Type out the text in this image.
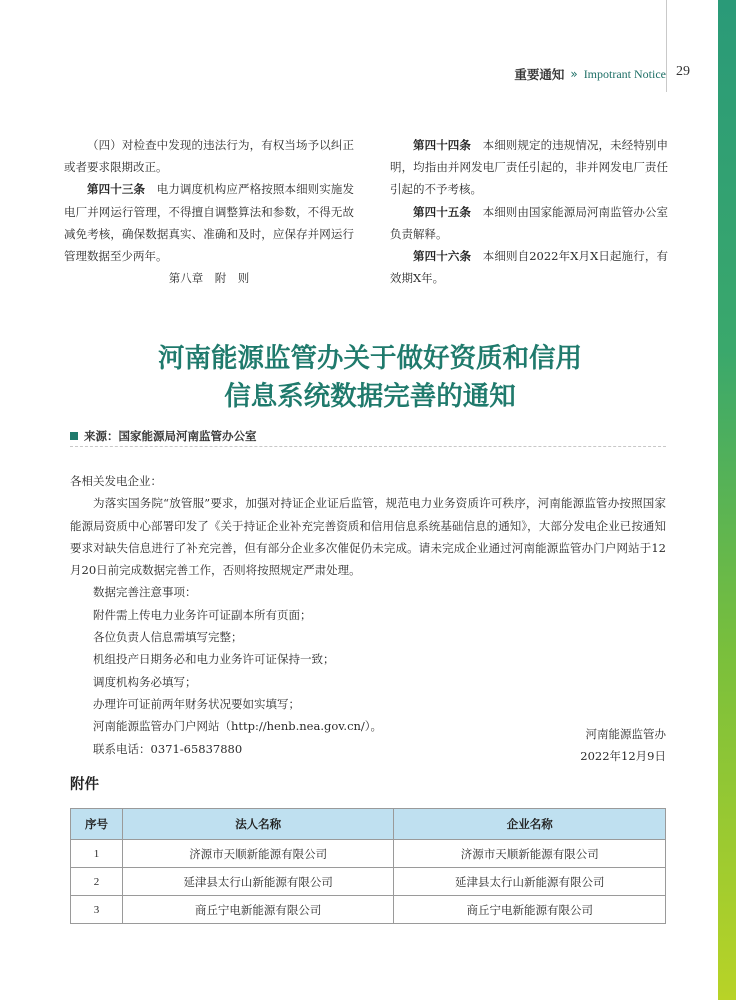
重要通知 » Impotrant Notice 29

（四）对检查中发现的违法行为，有权当场予以纠正或者要求限期改正。

第四十三条　 电力调度机构应严格按照本细则实施发电厂并网运行管理，不得擅自调整算法和参数，不得无故减免考核，确保数据真实、准确和及时，应保存并网运行管理数据至少两年。

第八章　附　则

第四十四条　 本细则规定的违规情况，未经特别申明，均指由并网发电厂责任引起的，非并网发电厂责任引起的不予考核。

第四十五条　 本细则由国家能源局河南监管办公室负责解释。

第四十六条　 本细则自2022年X月X日起施行，有效期X年。

河南能源监管办关于做好资质和信用
信息系统数据完善的通知
来源：国家能源局河南监管办公室

各相关发电企业：

为落实国务院“放管服”要求，加强对持证企业证后监管，规范电力业务资质许可秩序，河南能源监管办按照国家能源局资质中心部署印发了《关于持证企业补充完善资质和信用信息系统基础信息的通知》，大部分发电企业已按通知要求对缺失信息进行了补充完善，但有部分企业多次催促仍未完成。请未完成企业通过河南能源监管办门户网站于12月20日前完成数据完善工作，否则将按照规定严肃处理。

数据完善注意事项：

附件需上传电力业务许可证副本所有页面；

各位负责人信息需填写完整；

机组投产日期务必和电力业务许可证保持一致；

调度机构务必填写；

办理许可证前两年财务状况要如实填写；

河南能源监管办门户网站（http://henb.nea.gov.cn/）。

联系电话：0371-65837880

河南能源监管办
2022年12月9日
附件
序号	法人名称	企业名称
1	济源市天顺新能源有限公司	济源市天顺新能源有限公司
2	延津县太行山新能源有限公司	延津县太行山新能源有限公司
3	商丘宁电新能源有限公司	商丘宁电新能源有限公司
